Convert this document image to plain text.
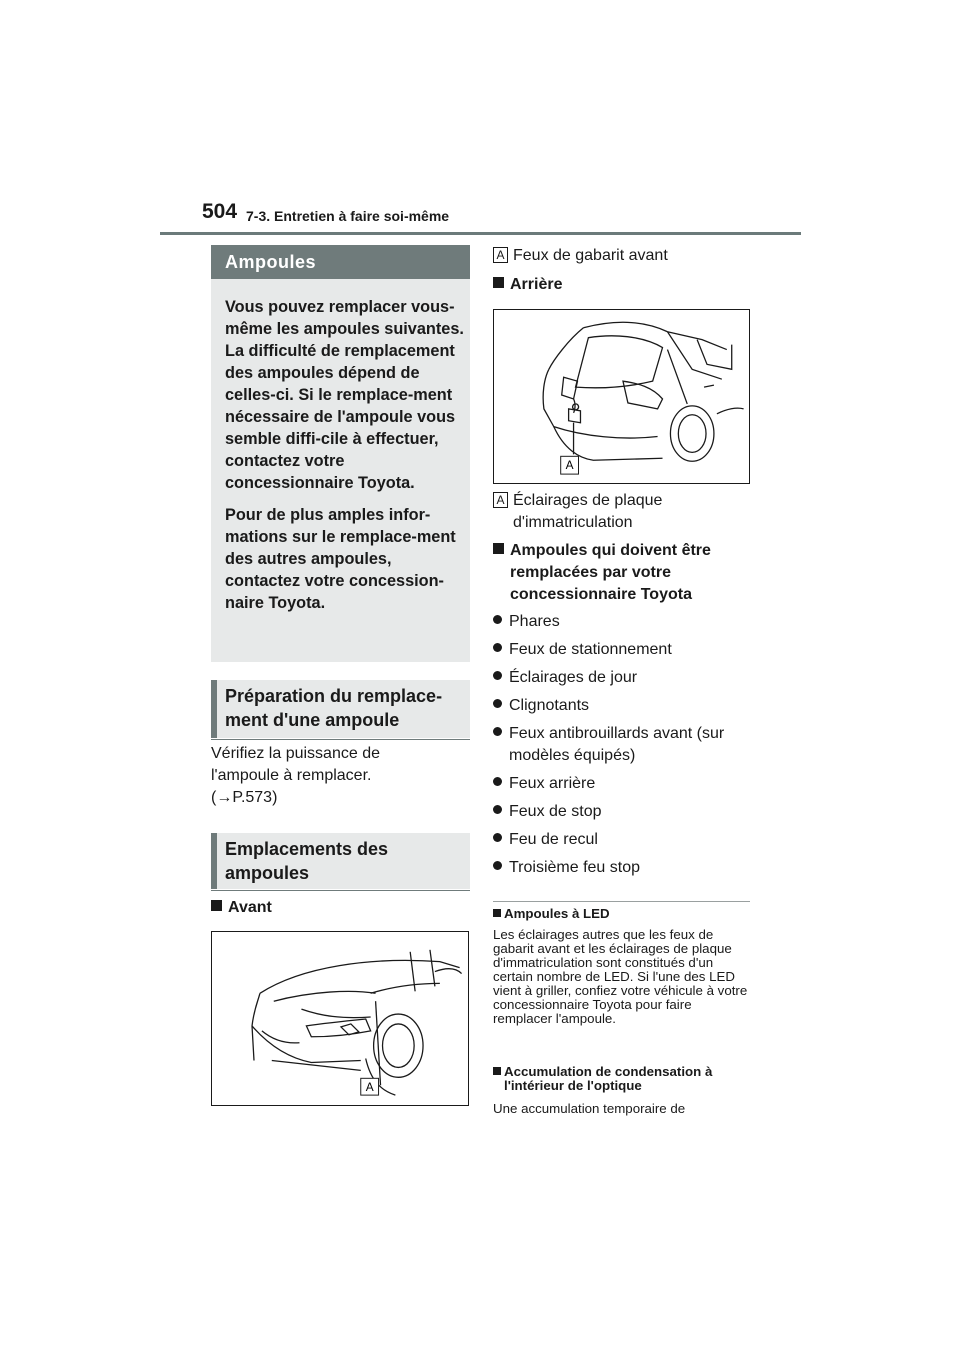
504 7-3. Entretien à faire soi-même
Ampoules

Vous pouvez remplacer vous-même les ampoules suivantes. La difficulté de remplacement des ampoules dépend de celles-ci. Si le remplace-ment nécessaire de l'ampoule vous semble diffi-cile à effectuer, contactez votre concessionnaire Toyota.

Pour de plus amples infor-mations sur le remplace-ment des autres ampoules, contactez votre concession-naire Toyota.

Préparation du remplace-ment d'une ampoule
Vérifiez la puissance de l'ampoule à remplacer. (→P.573)
Emplacements des ampoules
Avant
A
A Feux de gabarit avant
Arrière
A
A Éclairages de plaque d'immatriculation
Ampoules qui doivent être remplacées par votre concessionnaire Toyota
Phares
Feux de stationnement
Éclairages de jour
Clignotants
Feux antibrouillards avant (sur modèles équipés)
Feux arrière
Feux de stop
Feu de recul
Troisième feu stop
Ampoules à LED
Les éclairages autres que les feux de gabarit avant et les éclairages de plaque d'immatriculation sont constitués d'un certain nombre de LED. Si l'une des LED vient à griller, confiez votre véhicule à votre concessionnaire Toyota pour faire remplacer l'ampoule.
Accumulation de condensation à l'intérieur de l'optique
Une accumulation temporaire de
